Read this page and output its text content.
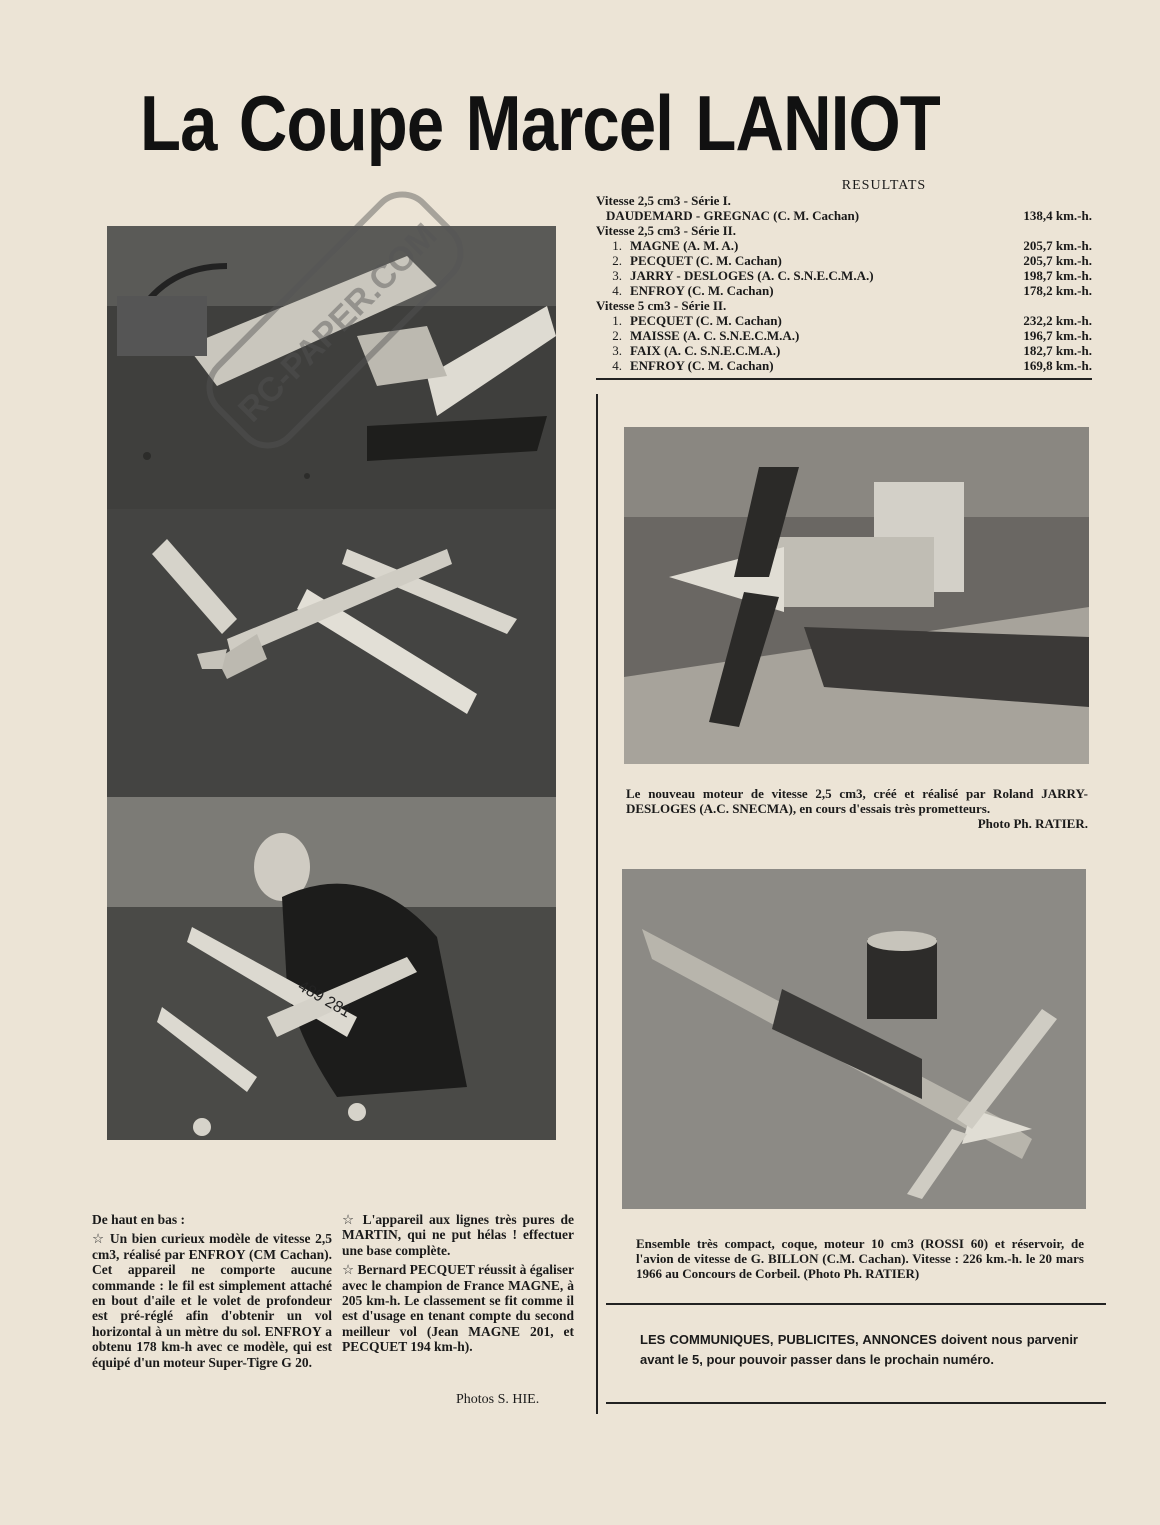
La Coupe Marcel LANIOT
489 281
RC-PAPER.COM
RESULTATS
Vitesse 2,5 cm3 - Série I.
DAUDEMARD - GREGNAC (C. M. Cachan)	138,4 km.-h.
Vitesse 2,5 cm3 - Série II.
1. MAGNE (A. M. A.)	205,7 km.-h.
2. PECQUET (C. M. Cachan)	205,7 km.-h.
3. JARRY - DESLOGES (A. C. S.N.E.C.M.A.)	198,7 km.-h.
4. ENFROY (C. M. Cachan)	178,2 km.-h.
Vitesse 5 cm3 - Série II.
1. PECQUET (C. M. Cachan)	232,2 km.-h.
2. MAISSE (A. C. S.N.E.C.M.A.)	196,7 km.-h.
3. FAIX (A. C. S.N.E.C.M.A.)	182,7 km.-h.
4. ENFROY (C. M. Cachan)	169,8 km.-h.
Le nouveau moteur de vitesse 2,5 cm3, créé et réalisé par Roland JARRY-DESLOGES (A.C. SNECMA), en cours d'essais très prometteurs.
Photo Ph. RATIER.
Ensemble très compact, coque, moteur 10 cm3 (ROSSI 60) et réservoir, de l'avion de vitesse de G. BILLON (C.M. Cachan). Vitesse : 226 km.-h. le 20 mars 1966 au Concours de Corbeil. (Photo Ph. RATIER)

De haut en bas :

☆ Un bien curieux modèle de vitesse 2,5 cm3, réalisé par ENFROY (CM Cachan). Cet appareil ne comporte aucune commande : le fil est simplement attaché en bout d'aile et le volet de profondeur est pré-réglé afin d'obtenir un vol horizontal à un mètre du sol. ENFROY a obtenu 178 km-h avec ce modèle, qui est équipé d'un moteur Super-Tigre G 20.

☆ L'appareil aux lignes très pures de MARTIN, qui ne put hélas ! effectuer une base complète.

☆ Bernard PECQUET réussit à égaliser avec le champion de France MAGNE, à 205 km-h. Le classement se fit comme il est d'usage en tenant compte du second meilleur vol (Jean MAGNE 201, et PECQUET 194 km-h).

Photos S. HIE.
LES COMMUNIQUES, PUBLICITES, ANNONCES doivent nous parvenir avant le 5, pour pouvoir passer dans le prochain numéro.
